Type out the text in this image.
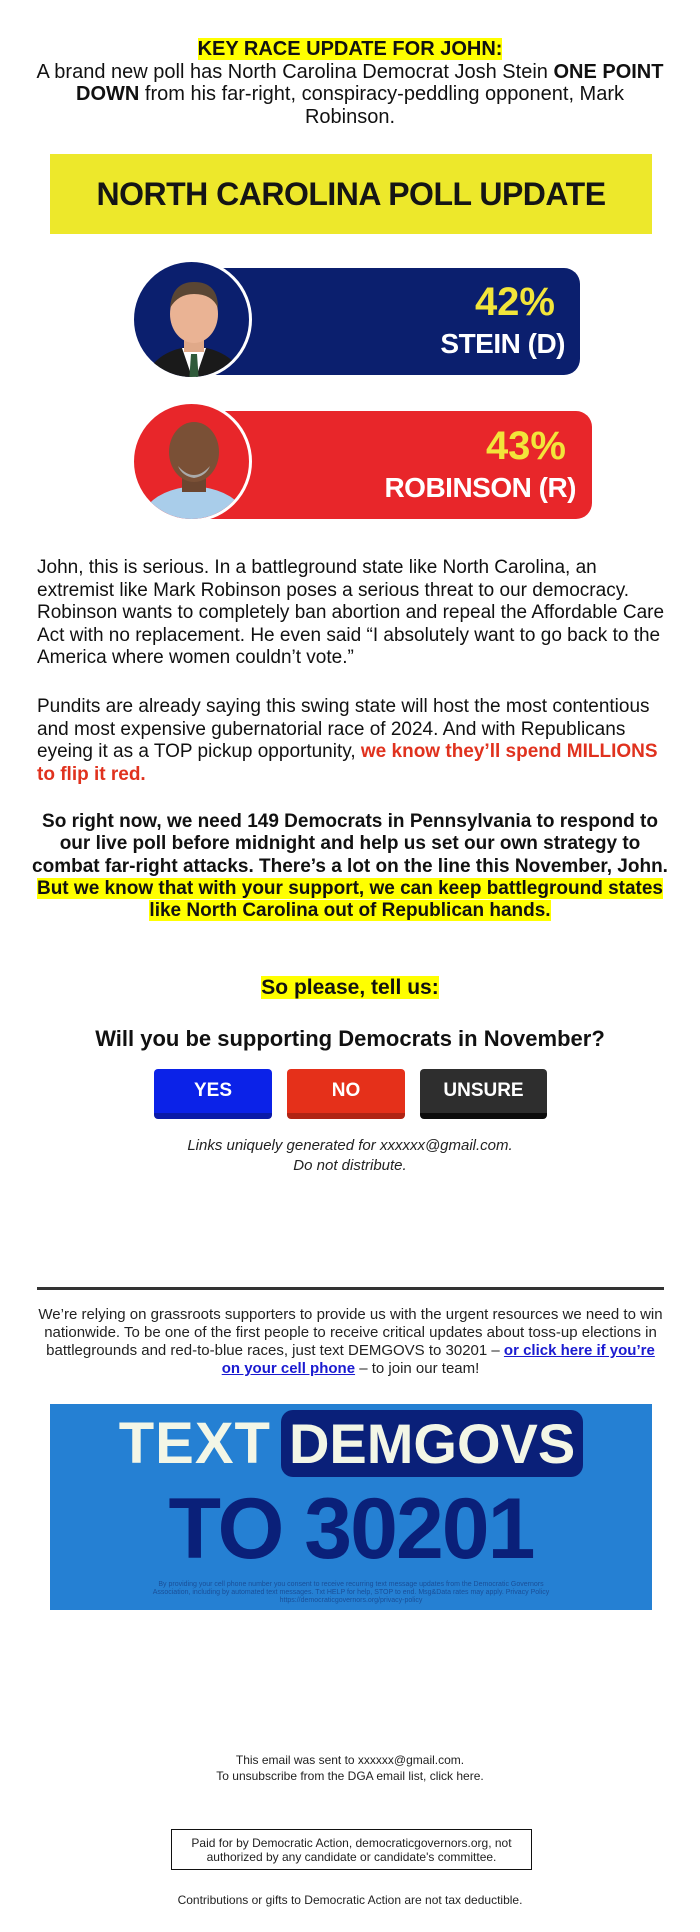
KEY RACE UPDATE FOR JOHN:
A brand new poll has North Carolina Democrat Josh Stein ONE POINT DOWN from his far-right, conspiracy-peddling opponent, Mark Robinson.
NORTH CAROLINA POLL UPDATE
42%
STEIN (D)
43%
ROBINSON (R)
John, this is serious. In a battleground state like North Carolina, an extremist like Mark Robinson poses a serious threat to our democracy. Robinson wants to completely ban abortion and repeal the Affordable Care Act with no replacement. He even said “I absolutely want to go back to the America where women couldn’t vote.”
Pundits are already saying this swing state will host the most contentious and most expensive gubernatorial race of 2024. And with Republicans eyeing it as a TOP pickup opportunity, we know they’ll spend MILLIONS to flip it red.
So right now, we need 149 Democrats in Pennsylvania to respond to our live poll before midnight and help us set our own strategy to combat far-right attacks. There’s a lot on the line this November, John. But we know that with your support, we can keep battleground states like North Carolina out of Republican hands.
So please, tell us:
Will you be supporting Democrats in November?
YES	NO	UNSURE
Links uniquely generated for xxxxxx@gmail.com.
Do not distribute.
We’re relying on grassroots supporters to provide us with the urgent resources we need to win nationwide. To be one of the first people to receive critical updates about toss-up elections in battlegrounds and red-to-blue races, just text DEMGOVS to 30201 – or click here if you’re on your cell phone – to join our team!
TEXT DEMGOVS
TO 30201
By providing your cell phone number you consent to receive recurring text message updates from the Democratic Governors Association, including by automated text messages. Txt HELP for help, STOP to end. Msg&Data rates may apply. Privacy Policy https://democraticgovernors.org/privacy-policy
This email was sent to xxxxxx@gmail.com.
To unsubscribe from the DGA email list, click here.
Paid for by Democratic Action, democraticgovernors.org, not authorized by any candidate or candidate's committee.
Contributions or gifts to Democratic Action are not tax deductible.
